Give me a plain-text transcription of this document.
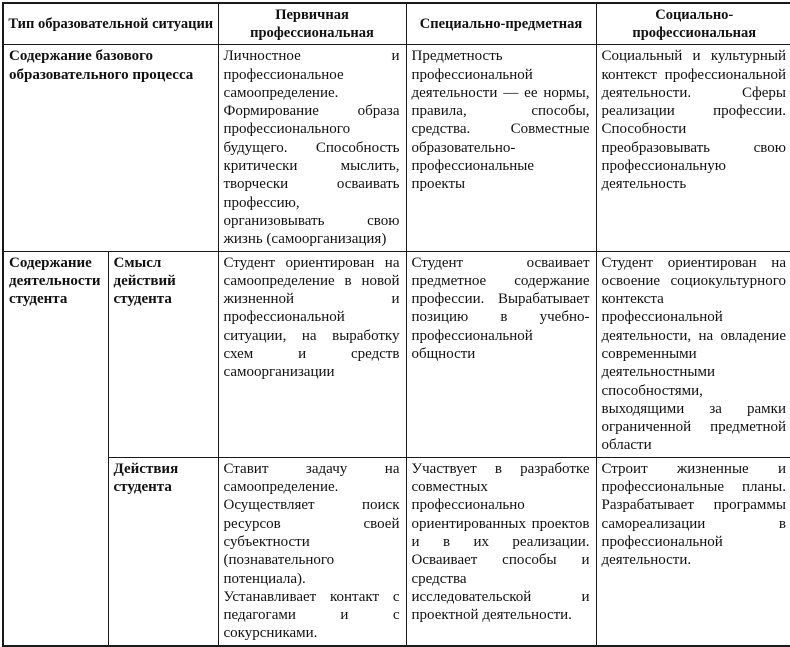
Тип образовательной ситуации		Первичная профессиональная	Специально-предметная	Социально-профессиональная
Содержание базового образовательного процесса		Личностное и профессиональное самоопределение. Формирование образа профессионального будущего. Способность критически мыслить, творчески осваивать профессию, организовывать свою жизнь (самоорганизация)	Предметность профессиональной деятельности — ее нормы, правила, способы, средства. Совместные образовательно-профессиональные проекты	Социальный и культурный контекст профессиональной деятельности. Сферы реализации профессии. Способности преобразовывать свою профессиональную деятельность
Содержание деятельности студента	Смысл действий студента	Студент ориентирован на самоопределение в новой жизненной и профессиональной ситуации, на выработку схем и средств самоорганизации	Студент осваивает предметное содержание профессии. Вырабатывает позицию в учебно-профессиональной общности	Студент ориентирован на освоение социокультурного контекста профессиональной деятельности, на овладение современными деятельностными способностями, выходящими за рамки ограниченной предметной области
	Действия студента	Ставит задачу на самоопределение. Осуществляет поиск ресурсов своей субъектности (познавательного потенциала). Устанавливает контакт с педагогами и с сокурсниками.	Участвует в разработке совместных профессионально ориентированных проектов и в их реализации. Осваивает способы и средства исследовательской и проектной деятельности.	Строит жизненные и профессиональные планы. Разрабатывает программы самореализации в профессиональной деятельности.
